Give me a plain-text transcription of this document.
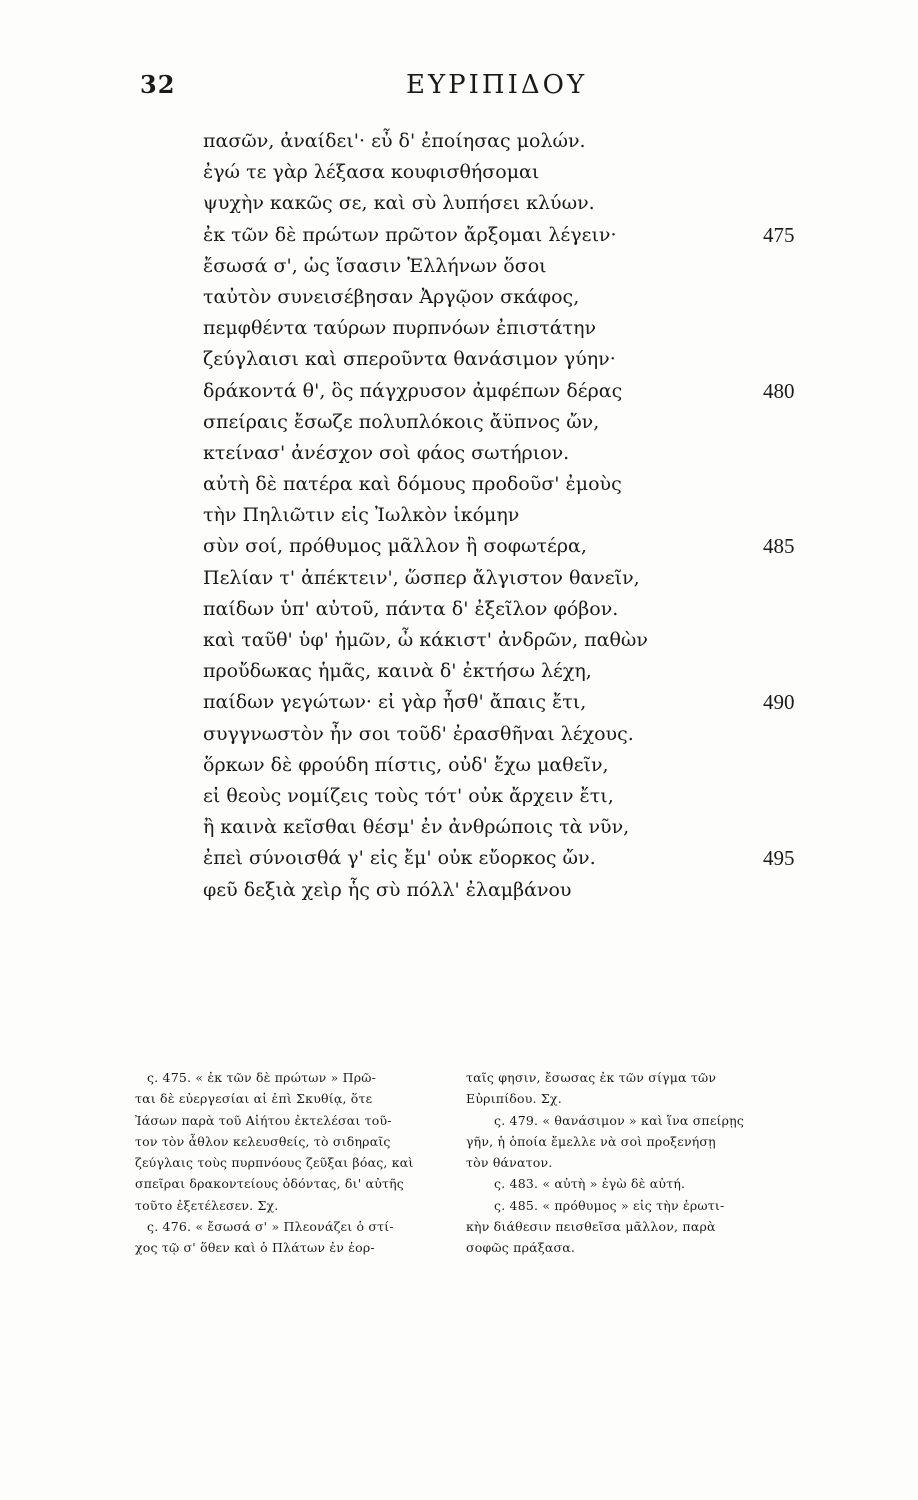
32	ΕΥΡΙΠΙΔΟΥ
πασῶν, ἀναίδει'· εὖ δ' ἐποίησας μολών.
ἐγώ τε γὰρ λέξασα κουφισθήσομαι
ψυχὴν κακῶς σε, καὶ σὺ λυπήσει κλύων.
ἐκ τῶν δὲ πρώτων πρῶτον ἄρξομαι λέγειν·	475
ἔσωσά σ', ὡς ἴσασιν Ἑλλήνων ὅσοι
ταὐτὸν συνεισέβησαν Ἀργῷον σκάφος,
πεμφθέντα ταύρων πυρπνόων ἐπιστάτην
ζεύγλαισι καὶ σπεροῦντα θανάσιμον γύην·
δράκοντά θ', ὃς πάγχρυσον ἀμφέπων δέρας	480
σπείραις ἔσωζε πολυπλόκοις ἄϋπνος ὤν,
κτείνασ' ἀνέσχον σοὶ φάος σωτήριον.
αὐτὴ δὲ πατέρα καὶ δόμους προδοῦσ' ἐμοὺς
τὴν Πηλιῶτιν εἰς Ἰωλκὸν ἱκόμην
σὺν σοί, πρόθυμος μᾶλλον ἢ σοφωτέρα,	485
Πελίαν τ' ἀπέκτειν', ὥσπερ ἄλγιστον θανεῖν,
παίδων ὑπ' αὐτοῦ, πάντα δ' ἐξεῖλον φόβον.
καὶ ταῦθ' ὑφ' ἡμῶν, ὦ κάκιστ' ἀνδρῶν, παθὼν
προὔδωκας ἡμᾶς, καινὰ δ' ἐκτήσω λέχη,
παίδων γεγώτων· εἰ γὰρ ἦσθ' ἄπαις ἔτι,	490
συγγνωστὸν ἦν σοι τοῦδ' ἐρασθῆναι λέχους.
ὅρκων δὲ φρούδη πίστις, οὐδ' ἔχω μαθεῖν,
εἰ θεοὺς νομίζεις τοὺς τότ' οὐκ ἄρχειν ἔτι,
ἢ καινὰ κεῖσθαι θέσμ' ἐν ἀνθρώποις τὰ νῦν,
ἐπεὶ σύνοισθά γ' εἰς ἔμ' οὐκ εὔορκος ὤν.	495
φεῦ δεξιὰ χεὶρ ἧς σὺ πόλλ' ἐλαμβάνου
ς. 475. « ἐκ τῶν δὲ πρώτων » Πρῶ-
ται δὲ εὐεργεσίαι αἱ ἐπὶ Σκυθίᾳ, ὅτε
Ἰάσων παρὰ τοῦ Αἰήτου ἐκτελέσαι τοῦ-
τον τὸν ἆθλον κελευσθείς, τὸ σιδηραῖς
ζεύγλαις τοὺς πυρπνόους ζεῦξαι βόας, καὶ
σπεῖραι δρακοντείους ὀδόντας, δι' αὐτῆς
τοῦτο ἐξετέλεσεν. Σχ.
ς. 476. « ἔσωσά σ' » Πλεονάζει ὁ στί-
χος τῷ σ' ὅθεν καὶ ὁ Πλάτων ἐν ἑορ-
ταῖς φησιν, ἔσωσας ἐκ τῶν σίγμα τῶν
Εὐριπίδου. Σχ.
ς. 479. « θανάσιμον » καὶ ἵνα σπείρῃς
γῆν, ἡ ὁποία ἔμελλε νὰ σοὶ προξενήσῃ
τὸν θάνατον.
ς. 483. « αὐτὴ » ἐγὼ δὲ αὐτή.
ς. 485. « πρόθυμος » εἰς τὴν ἐρωτι-
κὴν διάθεσιν πεισθεῖσα μᾶλλον, παρὰ
σοφῶς πράξασα.
